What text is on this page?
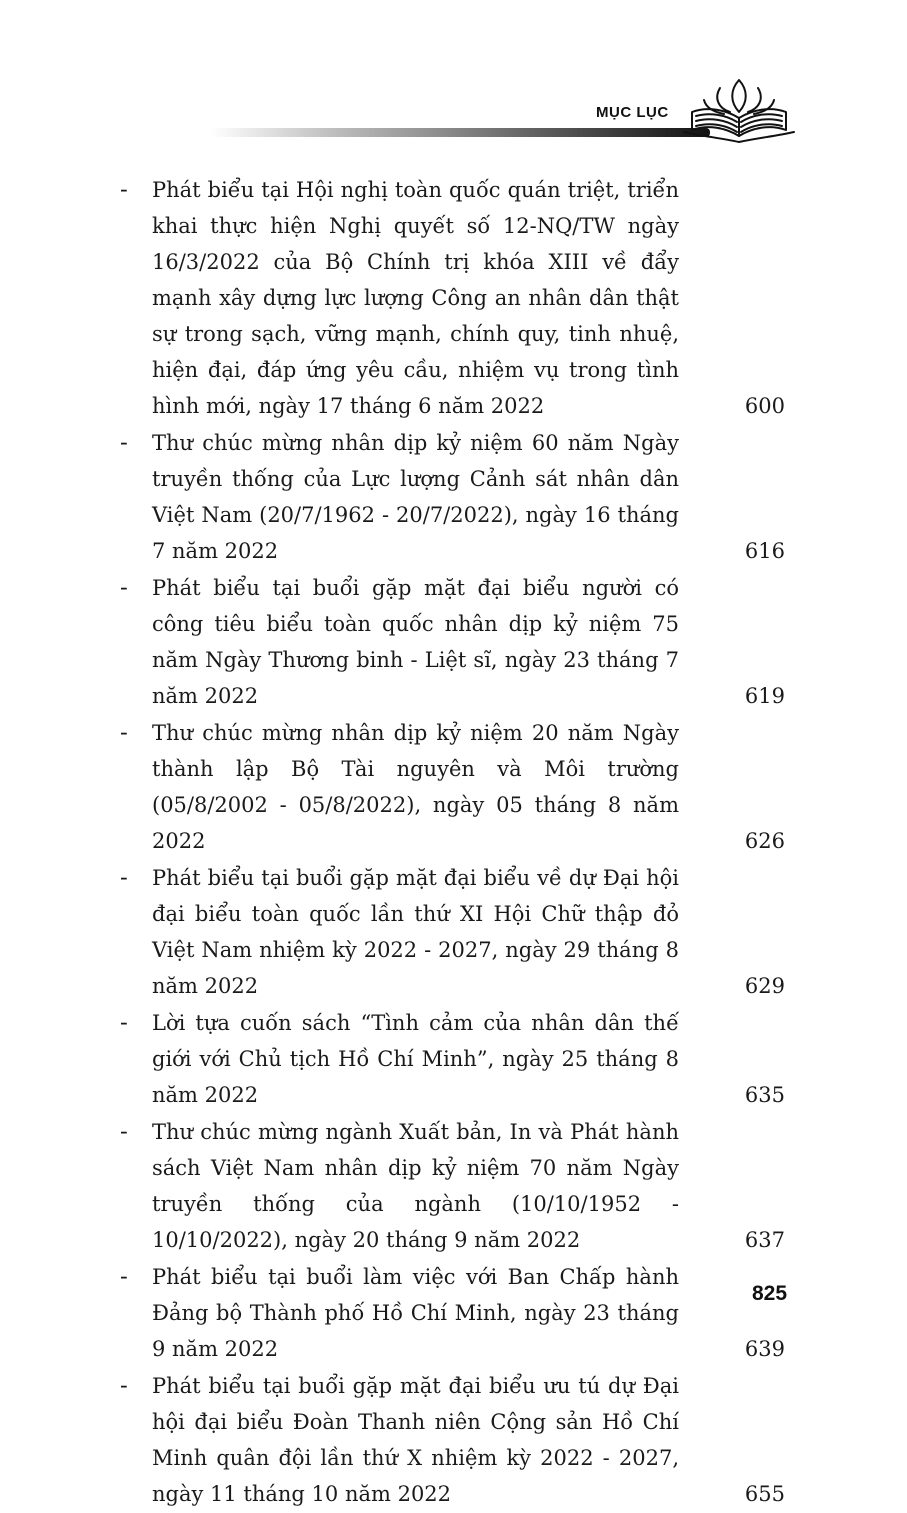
MỤC LỤC
-	Phát biểu tại Hội nghị toàn quốc quán triệt, triển khai thực hiện Nghị quyết số 12-NQ/TW ngày 16/3/2022 của Bộ Chính trị khóa XIII về đẩy mạnh xây dựng lực lượng Công an nhân dân thật sự trong sạch, vững mạnh, chính quy, tinh nhuệ, hiện đại, đáp ứng yêu cầu, nhiệm vụ trong tình hình mới, ngày 17 tháng 6 năm 2022	600
-	Thư chúc mừng nhân dịp kỷ niệm 60 năm Ngày truyền thống của Lực lượng Cảnh sát nhân dân Việt Nam (20/7/1962 - 20/7/2022), ngày 16 tháng 7 năm 2022	616
-	Phát biểu tại buổi gặp mặt đại biểu người có công tiêu biểu toàn quốc nhân dịp kỷ niệm 75 năm Ngày Thương binh - Liệt sĩ, ngày 23 tháng 7 năm 2022	619
-	Thư chúc mừng nhân dịp kỷ niệm 20 năm Ngày thành lập Bộ Tài nguyên và Môi trường (05/8/2002 - 05/8/2022), ngày 05 tháng 8 năm 2022	626
-	Phát biểu tại buổi gặp mặt đại biểu về dự Đại hội đại biểu toàn quốc lần thứ XI Hội Chữ thập đỏ Việt Nam nhiệm kỳ 2022 - 2027, ngày 29 tháng 8 năm 2022	629
-	Lời tựa cuốn sách “Tình cảm của nhân dân thế giới với Chủ tịch Hồ Chí Minh”, ngày 25 tháng 8 năm 2022	635
-	Thư chúc mừng ngành Xuất bản, In và Phát hành sách Việt Nam nhân dịp kỷ niệm 70 năm Ngày truyền thống của ngành (10/10/1952 - 10/10/2022), ngày 20 tháng 9 năm 2022	637
-	Phát biểu tại buổi làm việc với Ban Chấp hành Đảng bộ Thành phố Hồ Chí Minh, ngày 23 tháng 9 năm 2022	639
-	Phát biểu tại buổi gặp mặt đại biểu ưu tú dự Đại hội đại biểu Đoàn Thanh niên Cộng sản Hồ Chí Minh quân đội lần thứ X nhiệm kỳ 2022 - 2027, ngày 11 tháng 10 năm 2022	655
825
